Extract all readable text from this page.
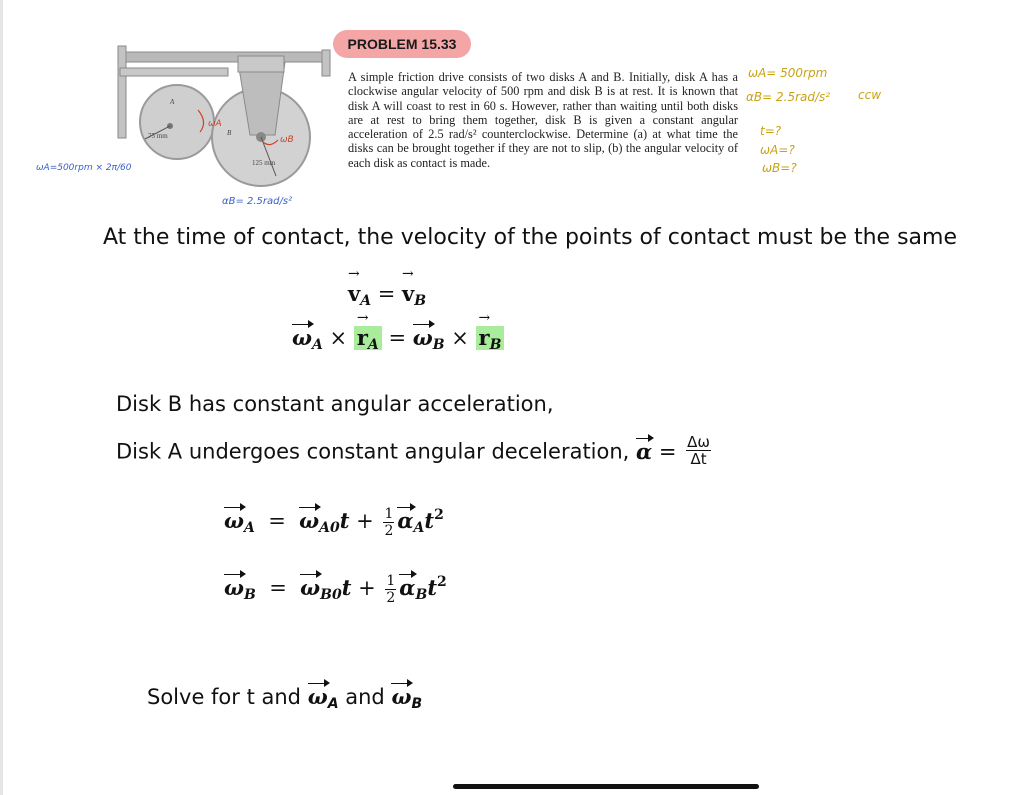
A
75 mm	B
125 mm
ωA
ωB
ωA=500rpm × 2π/60
αB= 2.5rad/s²
PROBLEM 15.33

A simple friction drive consists of two disks A and B. Initially, disk A has a clockwise angular velocity of 500 rpm and disk B is at rest. It is known that disk A will coast to rest in 60 s. However, rather than waiting until both disks are at rest to bring them together, disk B is given a constant angular acceleration of 2.5 rad/s² counterclockwise. Determine (a) at what time the disks can be brought together if they are not to slip, (b) the angular velocity of each disk as contact is made.

ωA= 500rpm
αB= 2.5rad/s² ccw
t=?
ωA=?
ωB=?
At the time of contact, the velocity of the points of contact must be the same
→ $v_A$ = → $v_B$
$\omega_A$ × → $r_A = \omega_B$ × → $r_B$
Disk B has constant angular acceleration,
Disk A undergoes constant angular deceleration, $\alpha = \frac{\Delta\omega}{\Delta t}$
$\omega_A = \omega_{A0}t + \frac{1}{2} \alpha_At^2$
$\omega_B = \omega_{B0}t + \frac{1}{2} \alpha_Bt^2$
Solve for t and $\omega_A$ and $\omega_B$
